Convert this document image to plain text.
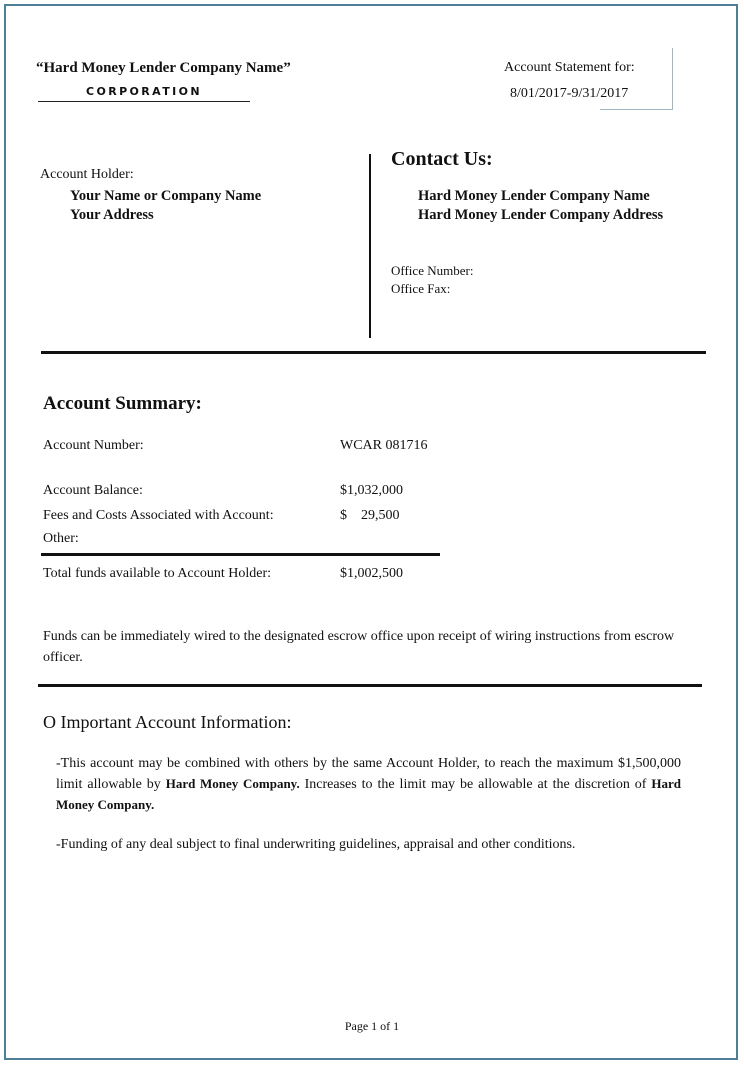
“Hard Money Lender Company Name”
CORPORATION
Account Statement for:
8/01/2017-9/31/2017
Account Holder:
Your Name or Company Name
Your Address
Contact Us:
Hard Money Lender Company Name
Hard Money Lender Company Address
Office Number:
Office Fax:
Account Summary:
Account Number:	WCAR 081716
Account Balance:	$1,032,000
Fees and Costs Associated with Account:	$    29,500
Other:
Total funds available to Account Holder:	$1,002,500
Funds can be immediately wired to the designated escrow office upon receipt of wiring instructions from escrow officer.
O Important Account Information:
-This account may be combined with others by the same Account Holder, to reach the maximum $1,500,000 limit allowable by Hard Money Company. Increases to the limit may be allowable at the discretion of Hard Money Company.
-Funding of any deal subject to final underwriting guidelines, appraisal and other conditions.
Page 1 of 1
